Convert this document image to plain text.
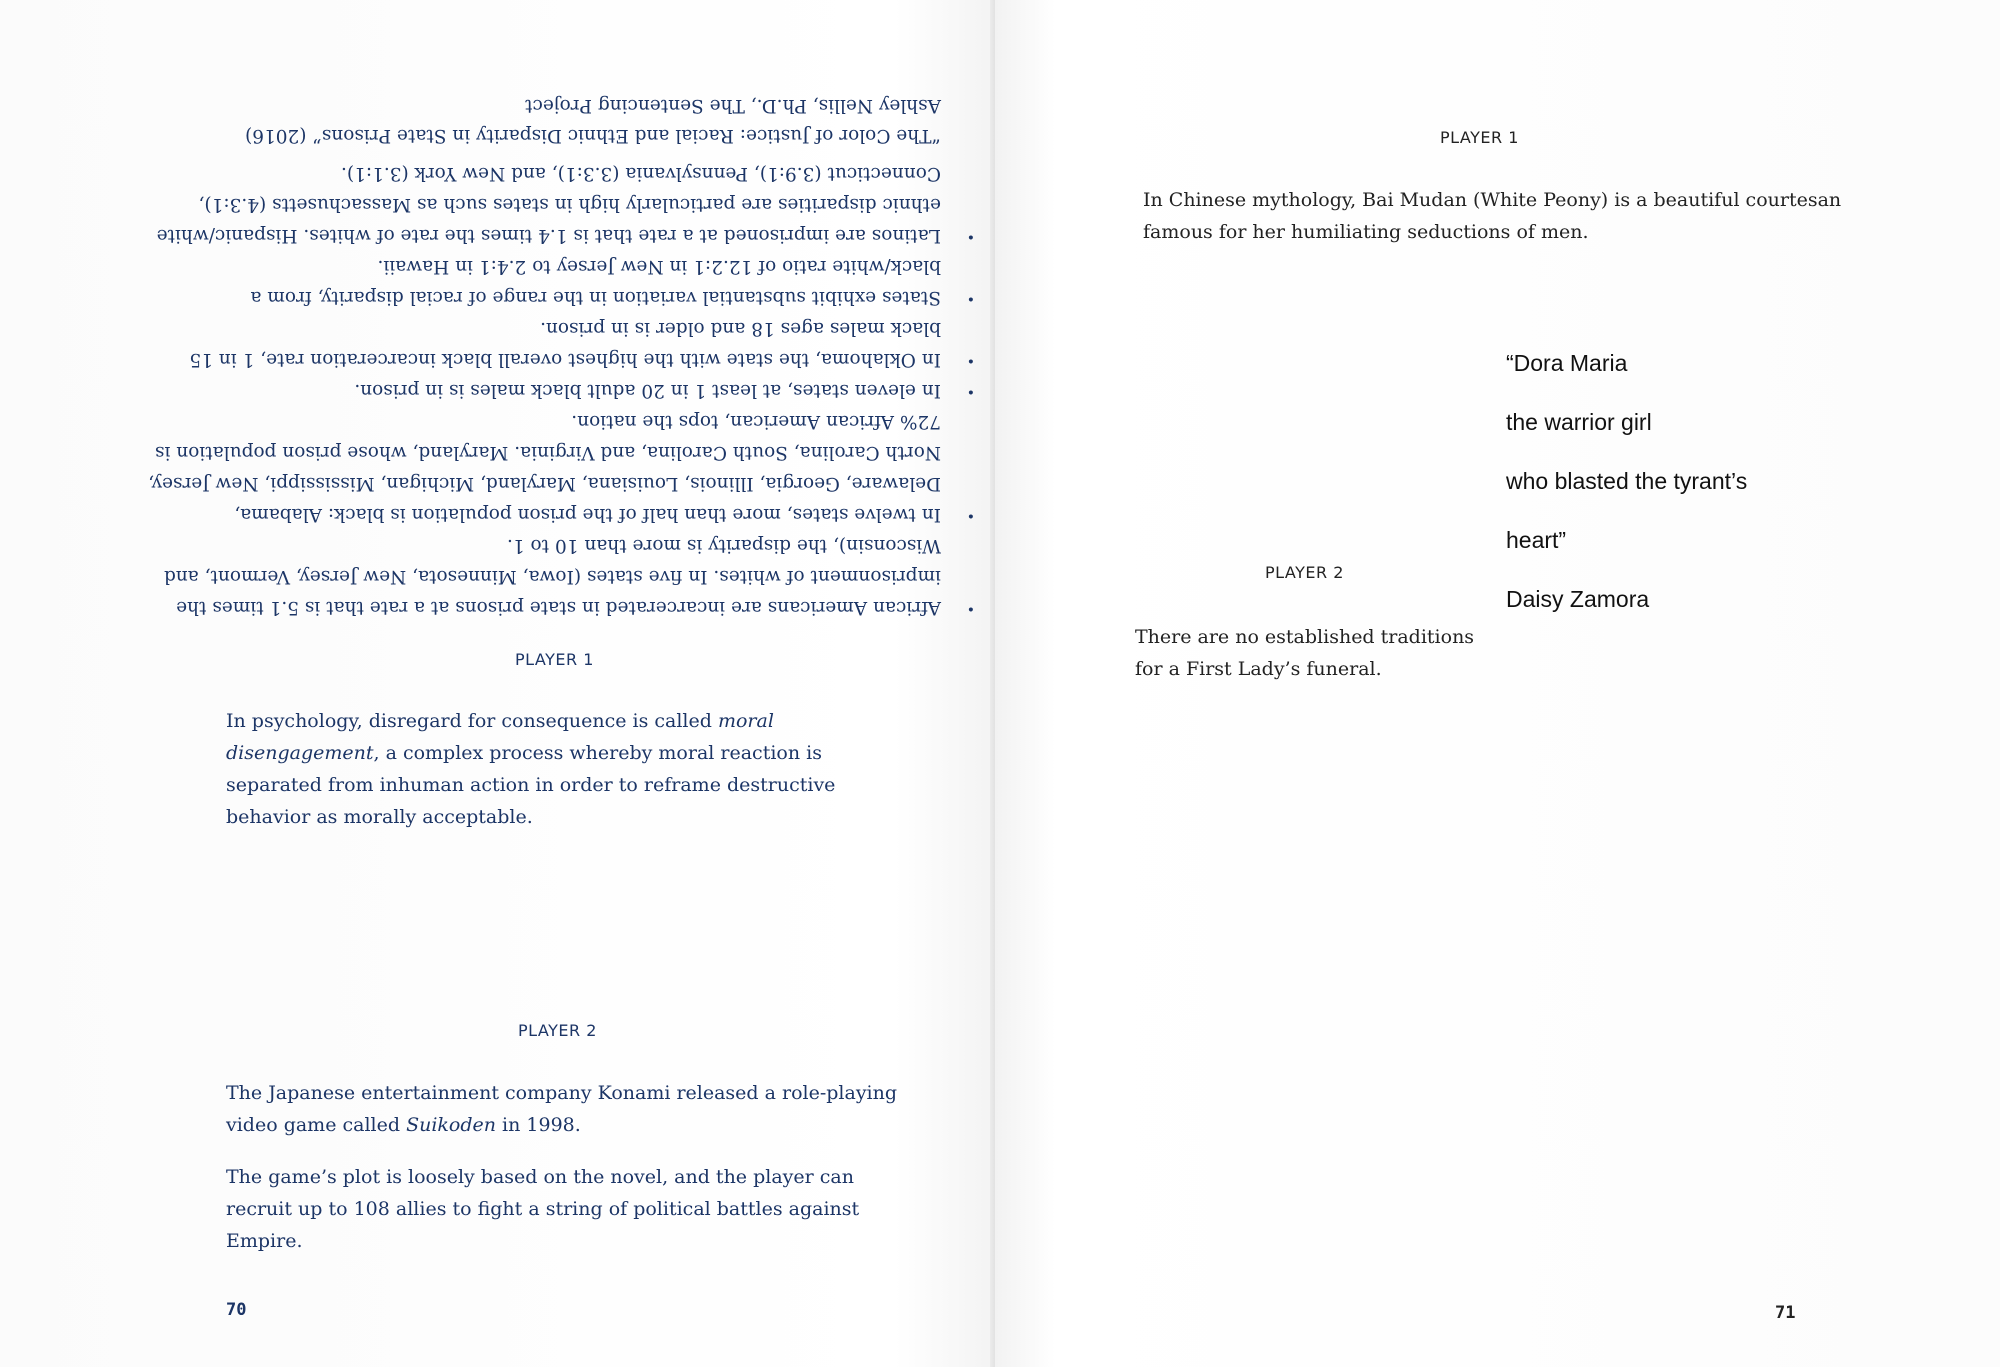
•
African Americans are incarcerated in state prisons at a rate that is 5.1 times the imprisonment of whites. In five states (Iowa, Minnesota, New Jersey, Vermont, and Wisconsin), the disparity is more than 10 to 1.
•
In twelve states, more than half of the prison population is black: Alabama, Delaware, Georgia, Illinois, Louisiana, Maryland, Michigan, Mississippi, New Jersey, North Carolina, South Carolina, and Virginia. Maryland, whose prison population is 72% African American, tops the nation.
•
In eleven states, at least 1 in 20 adult black males is in prison.
•
In Oklahoma, the state with the highest overall black incarceration rate, 1 in 15 black males ages 18 and older is in prison.
•
States exhibit substantial variation in the range of racial disparity, from a black/white ratio of 12.2:1 in New Jersey to 2.4:1 in Hawaii.
•
Latinos are imprisoned at a rate that is 1.4 times the rate of whites. Hispanic/white ethnic disparities are particularly high in states such as Massachusetts (4.3:1), Connecticut (3.9:1), Pennsylvania (3.3:1), and New York (3.1:1).
“The Color of Justice: Racial and Ethnic Disparity in State Prisons” (2016)
Ashley Nellis, Ph.D., The Sentencing Project
PLAYER 1
In psychology, disregard for consequence is called moral disengagement, a complex process whereby moral reaction is separated from inhuman action in order to reframe destructive behavior as morally acceptable.
PLAYER 2
The Japanese entertainment company Konami released a role-playing video game called Suikoden in 1998.
The game’s plot is loosely based on the novel, and the player can recruit up to 108 allies to fight a string of political battles against Empire.
70	71
PLAYER 1
In Chinese mythology, Bai Mudan (White Peony) is a beautiful courtesan famous for her humiliating seductions of men.
“Dora Maria
the warrior girl
who blasted the tyrant’s
heart”
Daisy Zamora
PLAYER 2
There are no established traditions for a First Lady’s funeral.
